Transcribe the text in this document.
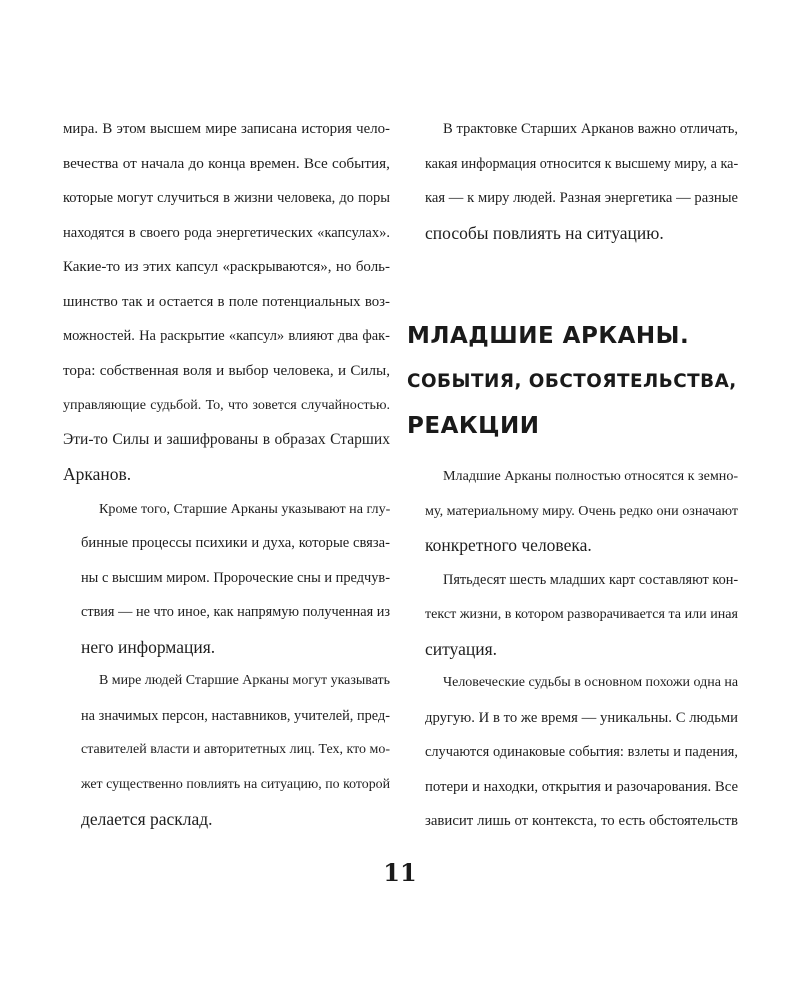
мира. В этом высшем мире записана история чело-
вечества от начала до конца времен. Все события,
которые могут случиться в жизни человека, до поры
находятся в своего рода энергетических «капсулах».
Какие-то из этих капсул «раскрываются», но боль-
шинство так и остается в поле потенциальных воз-
можностей. На раскрытие «капсул» влияют два фак-
тора: собственная воля и выбор человека, и Силы,
управляющие судьбой. То, что зовется случайностью.
Эти-то Силы и зашифрованы в образах Старших
Арканов.

Кроме того, Старшие Арканы указывают на глу-
бинные процессы психики и духа, которые связа-
ны с высшим миром. Пророческие сны и предчув-
ствия — не что иное, как напрямую полученная из
него информация.

В мире людей Старшие Арканы могут указывать
на значимых персон, наставников, учителей, пред-
ставителей власти и авторитетных лиц. Тех, кто мо-
жет существенно повлиять на ситуацию, по которой
делается расклад.

В трактовке Старших Арканов важно отличать,
какая информация относится к высшему миру, а ка-
кая — к миру людей. Разная энергетика — разные
способы повлиять на ситуацию.

МЛАДШИЕ АРКАНЫ.
СОБЫТИЯ, ОБСТОЯТЕЛЬСТВА,
РЕАКЦИИ

Младшие Арканы полностью относятся к земно-
му, материальному миру. Очень редко они означают
конкретного человека.

Пятьдесят шесть младших карт составляют кон-
текст жизни, в котором разворачивается та или иная
ситуация.

Человеческие судьбы в основном похожи одна на
другую. И в то же время — уникальны. С людьми
случаются одинаковые события: взлеты и падения,
потери и находки, открытия и разочарования. Все
зависит лишь от контекста, то есть обстоятельств

11
